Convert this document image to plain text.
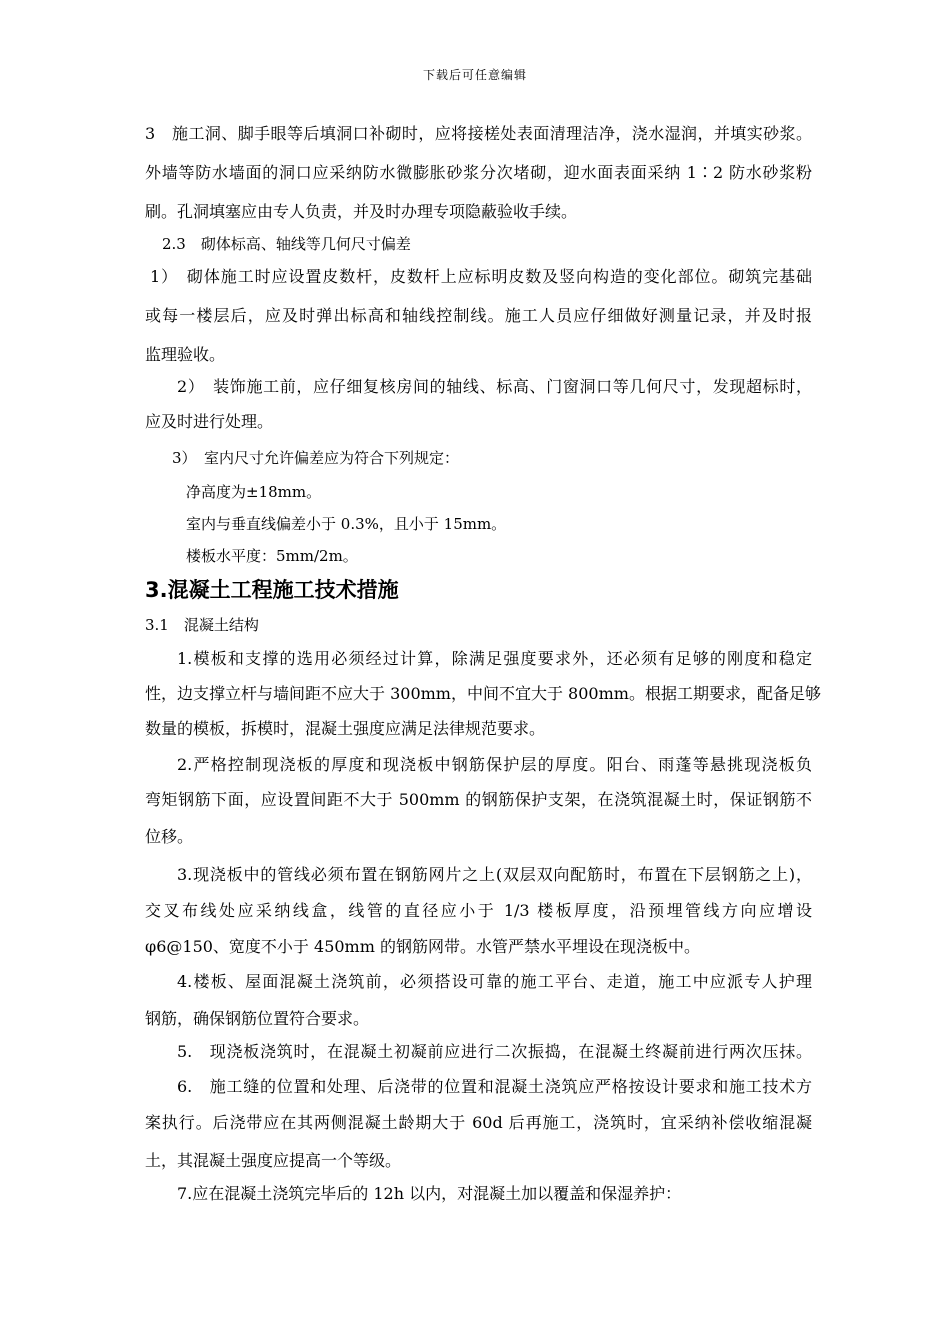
下载后可任意编辑
3　施工洞、脚手眼等后填洞口补砌时，应将接槎处表面清理洁净，浇水湿润，并填实砂浆。
外墙等防水墙面的洞口应采纳防水微膨胀砂浆分次堵砌，迎水面表面采纳 1∶2 防水砂浆粉
刷。孔洞填塞应由专人负责，并及时办理专项隐蔽验收手续。
2.3　砌体标高、轴线等几何尺寸偏差
1）　砌体施工时应设置皮数杆，皮数杆上应标明皮数及竖向构造的变化部位。砌筑完基础
或每一楼层后，应及时弹出标高和轴线控制线。施工人员应仔细做好测量记录，并及时报
监理验收。
2）　装饰施工前，应仔细复核房间的轴线、标高、门窗洞口等几何尺寸，发现超标时，
应及时进行处理。
3）　室内尺寸允许偏差应为符合下列规定：
净高度为±18mm。
室内与垂直线偏差小于 0.3%，且小于 15mm。
楼板水平度：5mm/2m。
3.混凝土工程施工技术措施
3.1　混凝土结构
1.模板和支撑的选用必须经过计算，除满足强度要求外，还必须有足够的刚度和稳定
性，边支撑立杆与墙间距不应大于 300mm，中间不宜大于 800mm。根据工期要求，配备足够
数量的模板，拆模时，混凝土强度应满足法律规范要求。
2.严格控制现浇板的厚度和现浇板中钢筋保护层的厚度。阳台、雨蓬等悬挑现浇板负
弯矩钢筋下面，应设置间距不大于 500mm 的钢筋保护支架，在浇筑混凝土时，保证钢筋不
位移。
3.现浇板中的管线必须布置在钢筋网片之上(双层双向配筋时，布置在下层钢筋之上)，
交叉布线处应采纳线盒，线管的直径应小于 1/3 楼板厚度，沿预埋管线方向应增设
φ6@150、宽度不小于 450mm 的钢筋网带。水管严禁水平埋设在现浇板中。
4.楼板、屋面混凝土浇筑前，必须搭设可靠的施工平台、走道，施工中应派专人护理
钢筋，确保钢筋位置符合要求。
5.　现浇板浇筑时，在混凝土初凝前应进行二次振捣，在混凝土终凝前进行两次压抹。
6.　施工缝的位置和处理、后浇带的位置和混凝土浇筑应严格按设计要求和施工技术方
案执行。后浇带应在其两侧混凝土龄期大于 60d 后再施工，浇筑时，宜采纳补偿收缩混凝
土，其混凝土强度应提高一个等级。
7.应在混凝土浇筑完毕后的 12h 以内，对混凝土加以覆盖和保湿养护：
